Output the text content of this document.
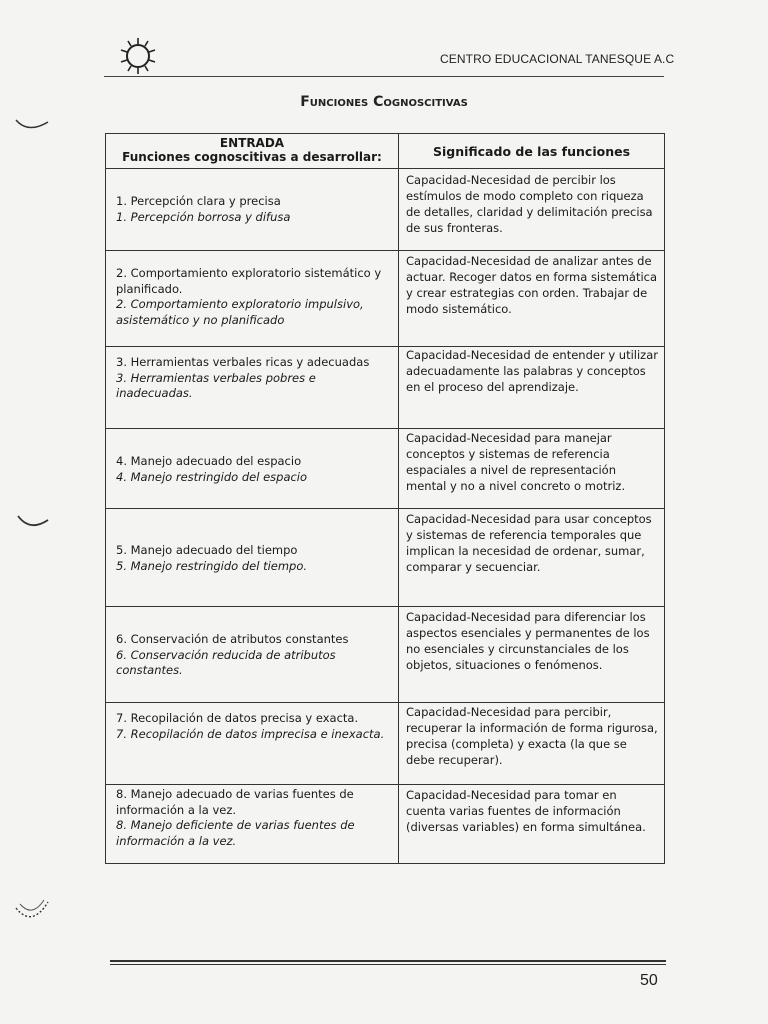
CENTRO EDUCACIONAL TANESQUE A.C
Funciones Cognoscitivas
ENTRADA
Funciones cognoscitivas a desarrollar:	Significado de las funciones
1. Percepción clara y precisa
1. Percepción borrosa y difusa
Capacidad-Necesidad de percibir los estímulos de modo completo con riqueza de detalles, claridad y delimitación precisa de sus fronteras.
2. Comportamiento exploratorio sistemático y planificado.
2. Comportamiento exploratorio impulsivo, asistemático y no planificado
Capacidad-Necesidad de analizar antes de actuar. Recoger datos en forma sistemática y crear estrategias con orden. Trabajar de modo sistemático.
3. Herramientas verbales ricas y adecuadas
3. Herramientas verbales pobres e inadecuadas.
Capacidad-Necesidad de entender y utilizar adecuadamente las palabras y conceptos en el proceso del aprendizaje.
4. Manejo adecuado del espacio
4. Manejo restringido del espacio
Capacidad-Necesidad para manejar conceptos y sistemas de referencia espaciales a nivel de representación mental y no a nivel concreto o motriz.
5. Manejo adecuado del tiempo
5. Manejo restringido del tiempo.
Capacidad-Necesidad para usar conceptos y sistemas de referencia temporales que implican la necesidad de ordenar, sumar, comparar y secuenciar.
6. Conservación de atributos constantes
6. Conservación reducida de atributos constantes.
Capacidad-Necesidad para diferenciar los aspectos esenciales y permanentes de los no esenciales y circunstanciales de los objetos, situaciones o fenómenos.
7. Recopilación de datos precisa y exacta.
7. Recopilación de datos imprecisa e inexacta.
Capacidad-Necesidad para percibir, recuperar la información de forma rigurosa, precisa (completa) y exacta (la que se debe recuperar).
8. Manejo adecuado de varias fuentes de información a la vez.
8. Manejo deficiente de varias fuentes de información a la vez.
Capacidad-Necesidad para tomar en cuenta varias fuentes de información (diversas variables) en forma simultánea.
50
